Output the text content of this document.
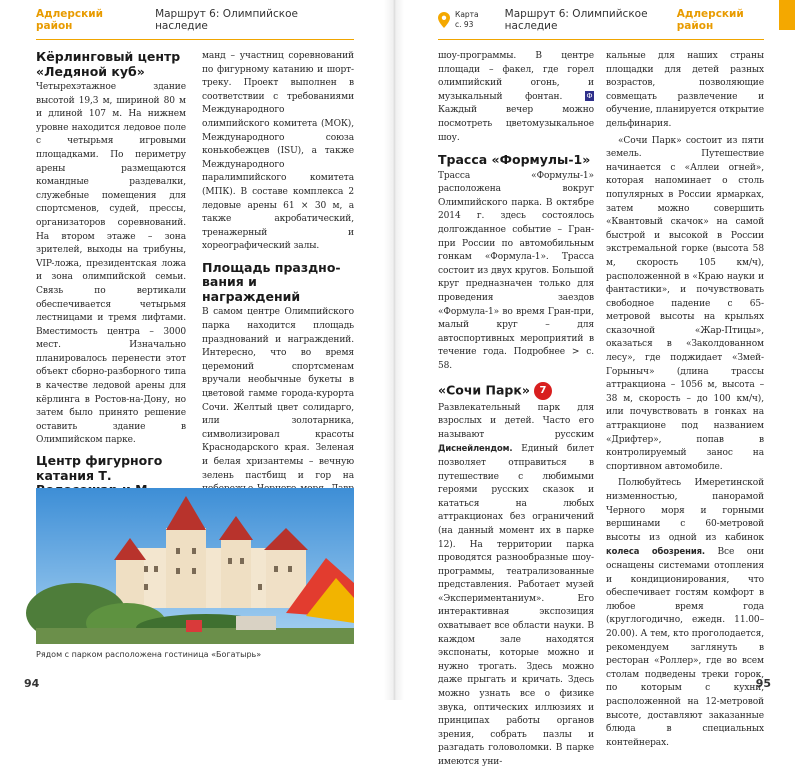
Адлерский район
Маршрут 6: Олимпийское наследие
Кёрлинговый центр «Ледяной куб»

Четырехэтажное здание высотой 19,3 м, шириной 80 м и длиной 107 м. На нижнем уровне находится ледовое поле с четырьмя игровыми площадками. По периметру арены размещаются командные раздевалки, служебные помещения для спортсменов, судей, прессы, организаторов соревнований. На втором этаже – зона зрителей, выходы на трибуны, VIP-ложа, президентская ложа и зона олимпийской семьи. Связь по вертикали обеспечивается четырьмя лестницами и тремя лифтами. Вместимость центра – 3000 мест. Изначально планировалось перенести этот объект сборно-разборного типа в качестве ледовой арены для кёрлинга в Ростов-на-Дону, но затем было принято решение оставить здание в Олимпийском парке.

Центр фигурного катания Т.

манд – участниц соревнований по фигурному катанию и шорт-треку. Проект выполнен в соответствии с требованиями Международного олимпийского комитета (МОК), Международного союза конькобежцев (ISU), а также Международного паралимпийского комитета (МПК). В составе комплекса 2 ледовые арены 61 × 30 м, а также акробатический, тренажерный и хореографический залы.

Площадь празднования и награждений

В самом центре Олимпийского парка находится площадь празднований и награждений. Интересно, что во время церемоний спортсменам вручали необычные букеты в цветовой гамме города-курорта Сочи. Желтый цвет солидарго, или золотарника, символизировал красоты Краснодарского края. Зеленая и белая хризантемы – вечную зелень пастбищ и гор на

Рядом с парком расположена гостиница «Богатырь»
94
Карта
с. 93
Маршрут 6: Олимпийское наследие
Адлерский район

шоу-программы. В центре площади – факел, где горел олимпийский огонь, и музыкальный фонтан.	Ф Каждый вечер можно посмотреть цветомузыкальное шоу.

Трасса «Формулы-1»

Трасса «Формулы-1» расположена вокруг Олимпийского парка. В октябре 2014 г. здесь состоялось долгожданное событие – Гран-при России по автомобильным гонкам «Формула-1». Трасса состоит из двух кругов. Большой круг предназначен только для проведения заездов «Формула-1» во время Гран-при, малый круг – для автоспортивных мероприятий в течение года. Подробнее > с. 58.

«Сочи Парк» 7

Развлекательный парк для взрослых и детей. Часто его называют русским Диснейлендом. Единый билет позволяет отправиться в путешествие с любимыми героями русских сказок и кататься на любых аттракционах без ограничений (на данный момент их в парке 12). На территории парка проводятся разнообразные шоу-программы, театрализованные представления. Работает музей «Экспериментаниум». Его интерактивная экспозиция охватывает все области науки. В каждом зале находятся экспонаты, которые можно и нужно трогать. Здесь можно даже прыгать и кричать. Здесь можно узнать все о физике звука, оптических иллюзиях и принципах работы органов зрения, собрать пазлы и разгадать головоломки. В парке имеются уни-

кальные для наших страны площадки для детей разных возрастов, позволяющие совмещать развлечение и обучение, планируется открытие дельфинария.

«Сочи Парк» состоит из пяти земель. Путешествие начинается с «Аллеи огней», которая напоминает о столь популярных в России ярмарках, затем можно совершить «Квантовый скачок» на самой быстрой и высокой в России экстремальной горке (высота 58 м, скорость 105 км/ч), расположенной в «Краю науки и фантастики», и почувствовать свободное падение с 65-метровой высоты на крыльях сказочной «Жар-Птицы», оказаться в «Заколдованном лесу», где поджидает «Змей-Горыныч» (длина трассы аттракциона – 1056 м, высота – 38 м, скорость – до 100 км/ч), или почувствовать в гонках на аттракционе под названием «Дрифтер», попав в контролируемый занос на спортивном автомобиле.

Полюбуйтесь Имеретинской низменностью, панорамой Черного моря и горными вершинами с 60-метровой высоты из одной из кабинок колеса обозрения. Все они оснащены системами отопления и кондиционирования, что обеспечивает гостям комфорт в любое время года (круглогодично, ежедн. 11.00–20.00). А тем, кто проголодается, рекомендуем заглянуть в ресторан «Роллер», где во всем столам подведены треки горок, по которым с кухни, расположенной на 12-метровой высоте, доставляют заказанные блюда в специальных контейнерах.

95
